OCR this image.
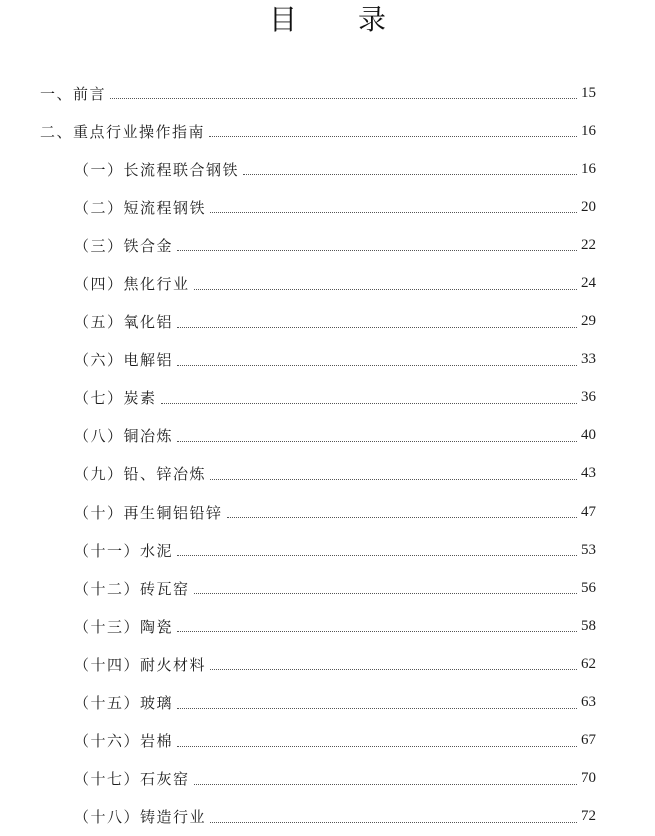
目 录
一、前言	15
二、重点行业操作指南	16
（一）长流程联合钢铁	16
（二）短流程钢铁	20
（三）铁合金	22
（四）焦化行业	24
（五）氧化铝	29
（六）电解铝	33
（七）炭素	36
（八）铜冶炼	40
（九）铅、锌冶炼	43
（十）再生铜铝铅锌	47
（十一）水泥	53
（十二）砖瓦窑	56
（十三）陶瓷	58
（十四）耐火材料	62
（十五）玻璃	63
（十六）岩棉	67
（十七）石灰窑	70
（十八）铸造行业	72
